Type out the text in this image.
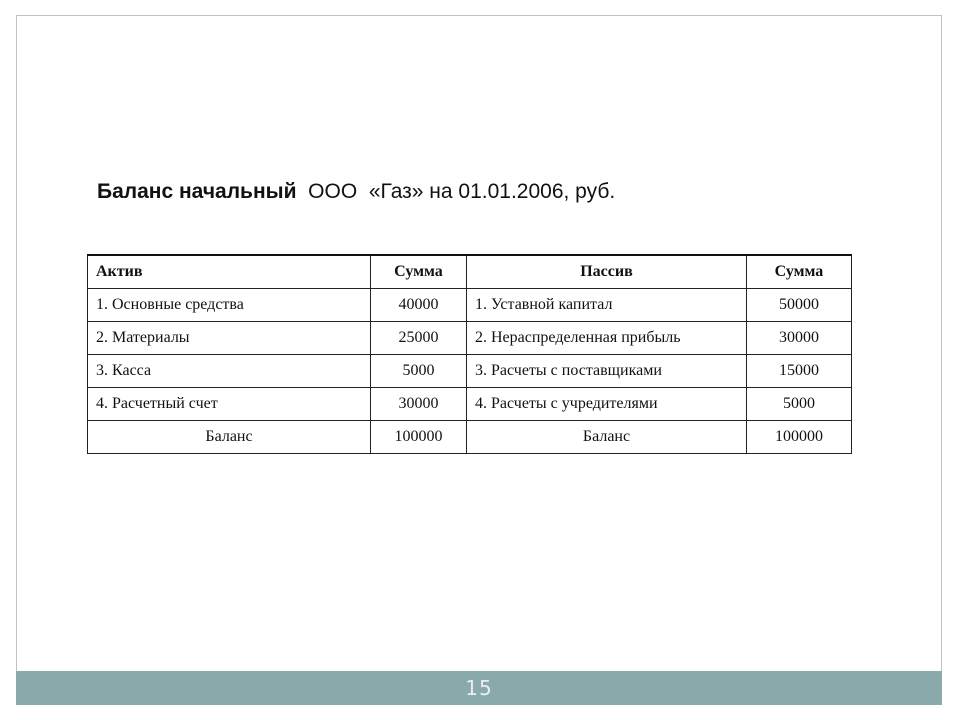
Баланс начальный  ООО  «Газ» на 01.01.2006, руб.
Актив	Сумма	Пассив	Сумма
1. Основные средства	40000	1. Уставной капитал	50000
2. Материалы	25000	2. Нераспределенная прибыль	30000
3. Касса	5000	3. Расчеты с поставщиками	15000
4. Расчетный счет	30000	4. Расчеты с учредителями	5000
Баланс	100000	Баланс	100000
15
